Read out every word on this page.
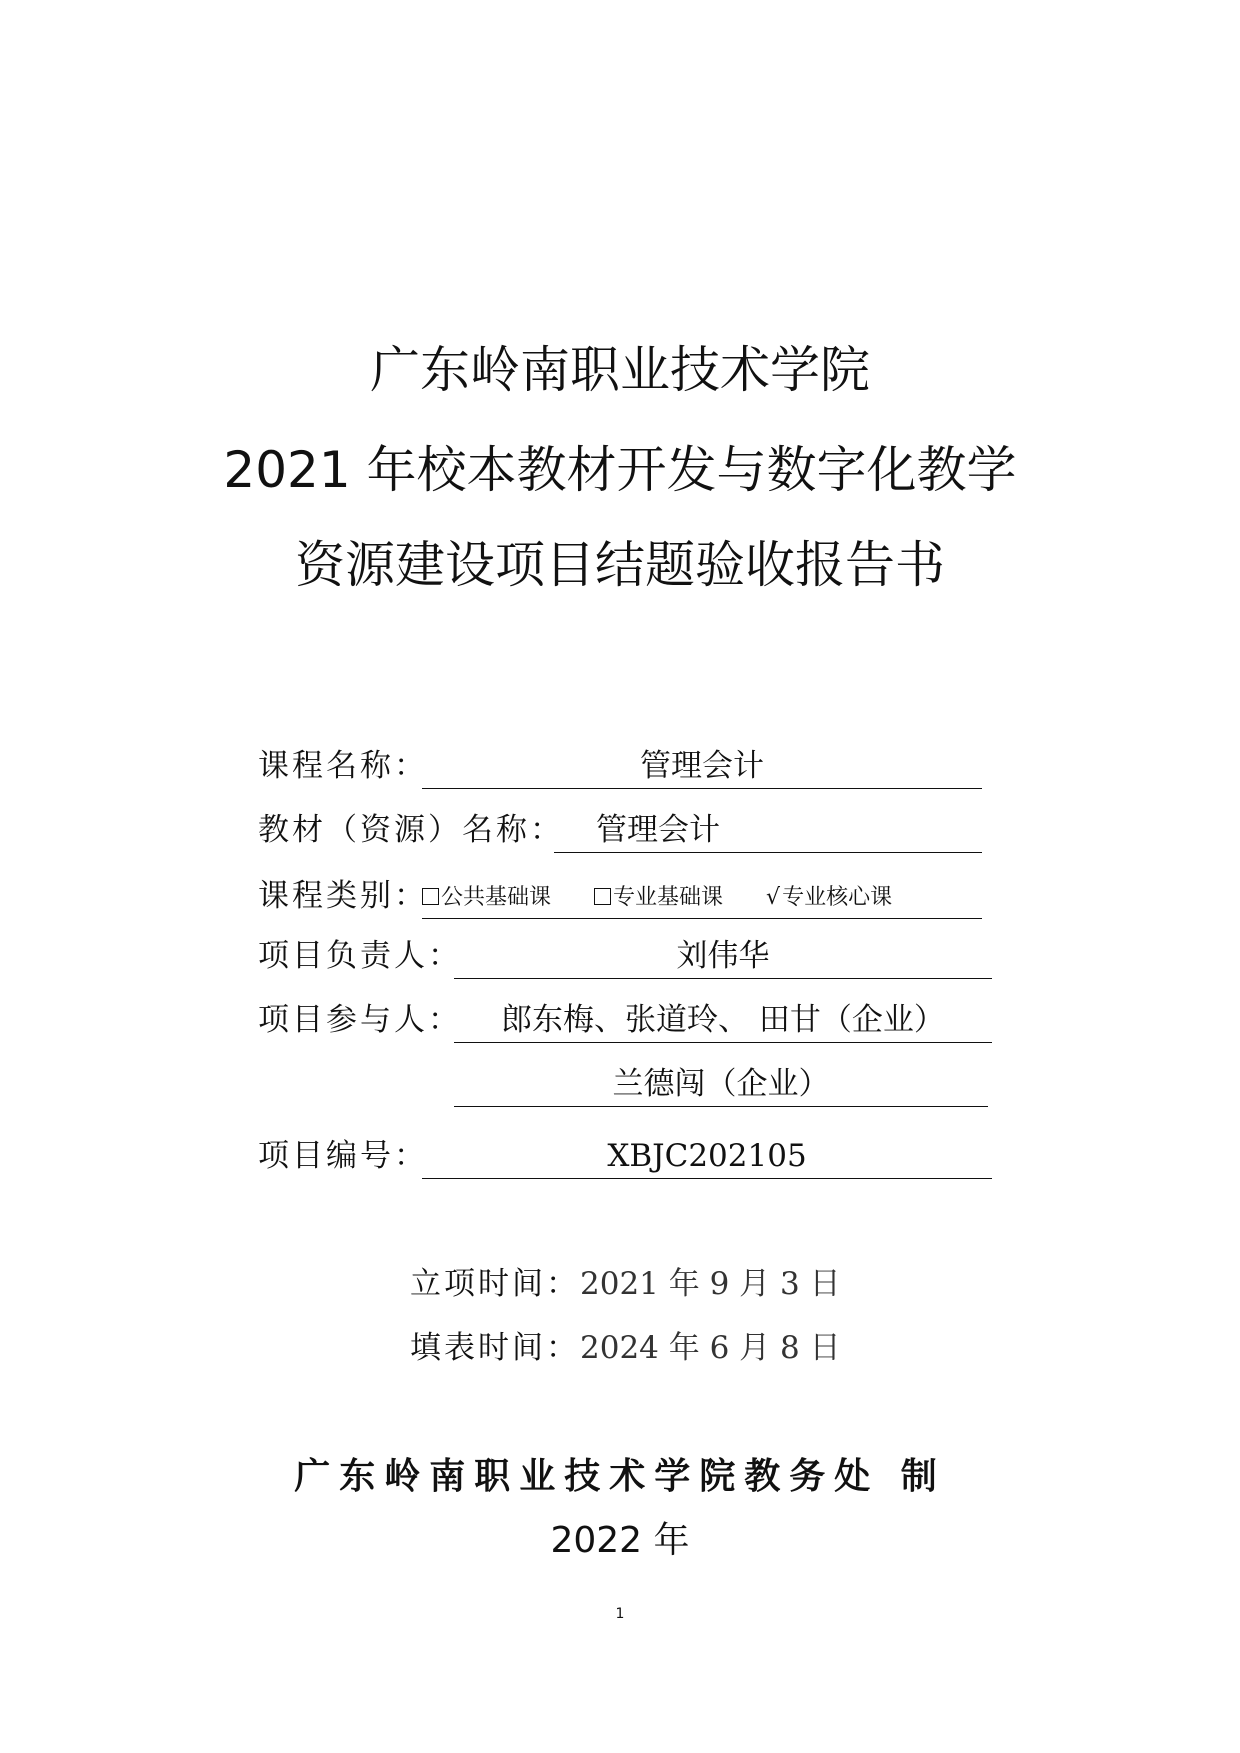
广东岭南职业技术学院
2021 年校本教材开发与数字化教学
资源建设项目结题验收报告书
课程名称：	管理会计
教材（资源）名称：	管理会计
课程类别： 公共基础课	专业基础课 √专业核心课
项目负责人：	刘伟华
项目参与人：	郎东梅、张道玲、 田甘（企业）
兰德闯（企业）
项目编号：	XBJC202105
立项时间：2021 年 9 月 3 日
填表时间：2024 年 6 月 8 日
广东岭南职业技术学院教务处 制
2022 年
1
